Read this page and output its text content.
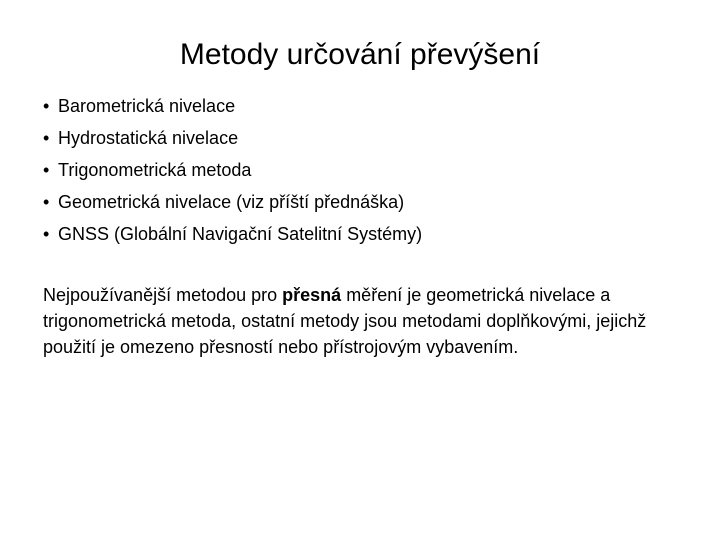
Metody určování převýšení
• Barometrická nivelace
• Hydrostatická nivelace
• Trigonometrická metoda
• Geometrická nivelace (viz příští přednáška)
• GNSS (Globální Navigační Satelitní Systémy)

Nejpoužívanější metodou pro přesná měření je geometrická nivelace a trigonometrická metoda, ostatní metody jsou metodami doplňkovými, jejichž použití je omezeno přesností nebo přístrojovým vybavením.
